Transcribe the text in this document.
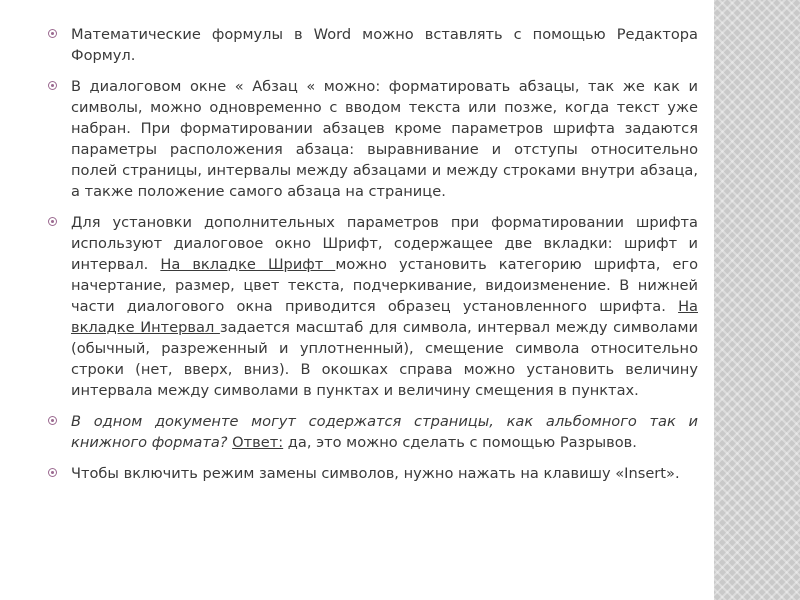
Математические формулы в Word можно вставлять с помощью Редактора Формул.
В диалоговом окне « Абзац « можно: форматировать абзацы, так же как и символы, можно одновременно с вводом текста или позже, когда текст уже набран. При форматировании абзацев кроме параметров шрифта задаются параметры расположения абзаца: выравнивание и отступы относительно полей страницы, интервалы между абзацами и между строками внутри абзаца, а также положение самого абзаца на странице.
Для установки дополнительных параметров при форматировании шрифта используют диалоговое окно Шрифт, содержащее две вкладки: шрифт и интервал. На вкладке Шрифт можно установить категорию шрифта, его начертание, размер, цвет текста, подчеркивание, видоизменение. В нижней части диалогового окна приводится образец установленного шрифта. На вкладке Интервал задается масштаб для символа, интервал между символами (обычный, разреженный и уплотненный), смещение символа относительно строки (нет, вверх, вниз). В окошках справа можно установить величину интервала между символами в пунктах и величину смещения в пунктах.
В одном документе могут содержатся страницы, как альбомного так и книжного формата? Ответ: да, это можно сделать с помощью Разрывов.
Чтобы включить режим замены символов, нужно нажать на клавишу «Insert».
